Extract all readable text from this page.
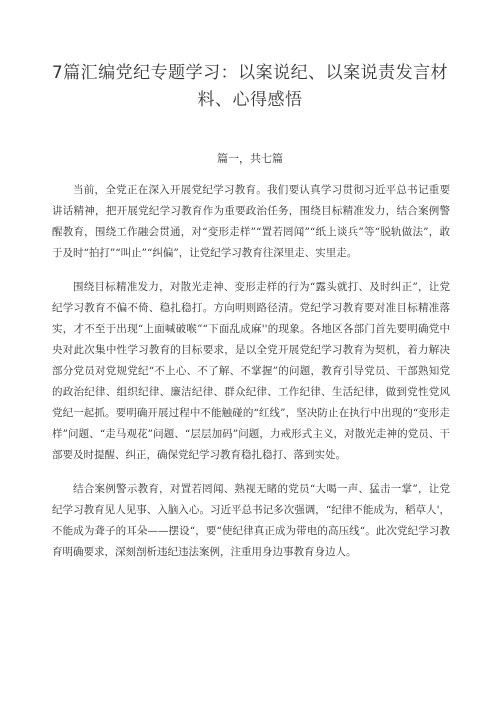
7篇汇编党纪专题学习：以案说纪、以案说责发言材料、心得感悟
篇一，共七篇

当前，全党正在深入开展党纪学习教育。我们要认真学习贯彻习近平总书记重要讲话精神，把开展党纪学习教育作为重要政治任务，围绕目标精准发力，结合案例警醒教育，围绕工作融会贯通，对“变形走样”“置若罔闻”“纸上谈兵”等“脱轨做法”，敢于及时“拍打”“叫止”“纠偏”，让党纪学习教育往深里走、实里走。

围绕目标精准发力，对散光走神、变形走样的行为“露头就打、及时纠正”，让党纪学习教育不偏不倚、稳扎稳打。方向明则路径清。党纪学习教育要对准目标精准落实，才不至于出现“上面喊破喉”“下面乱成麻''的现象。各地区各部门首先要明确党中央对此次集中性学习教育的目标要求，是以全党开展党纪学习教育为契机，着力解决部分党员对党规党纪“不上心、不了解、不掌握”的问题，教育引导党员、干部熟知党的政治纪律、组织纪律、廉洁纪律、群众纪律、工作纪律、生活纪律，做到党性党风党纪一起抓。要明确开展过程中不能触碰的“红线”，坚决防止在执行中出现的“变形走样”问题、“走马观花”问题、“层层加码”问题，力戒形式主义，对散光走神的党员、干部要及时提醒、纠正，确保党纪学习教育稳扎稳打、落到实处。

结合案例警示教育，对置若罔闻、熟视无睹的党员“大喝一声、猛击一掌”，让党纪学习教育见人见事、入脑入心。习近平总书记多次强调，“纪律不能成为，稻草人'，不能成为聋子的耳朵——摆设“，要“使纪律真正成为带电的高压线“。此次党纪学习教育明确要求，深刻剖析违纪违法案例，注重用身边事教育身边人。
